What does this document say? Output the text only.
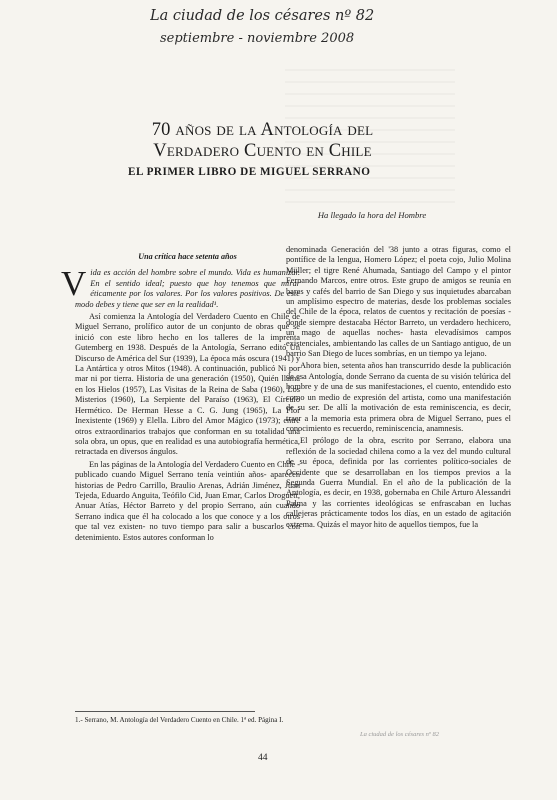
La ciudad de los césares nº 82
septiembre - noviembre 2008
70 años de la Antología del
Verdadero Cuento en Chile
EL PRIMER LIBRO DE MIGUEL SERRANO
Ha llegado la hora del Hombre
Una crítica hace setenta años

Vida es acción del hombre sobre el mundo. Vida es humanizar. En el sentido ideal; puesto que hoy tenemos que mirar éticamente por los valores. Por los valores positivos. De este modo debes y tiene que ser en la realidad¹.

Así comienza la Antología del Verdadero Cuento en Chile de Miguel Serrano, prolífico autor de un conjunto de obras que se inició con este libro hecho en los talleres de la imprenta Gutemberg en 1938. Después de la Antología, Serrano editó Un Discurso de América del Sur (1939), La época más oscura (1941) y La Antártica y otros Mitos (1948). A continuación, publicó Ni por mar ni por tierra. Historia de una generación (1950), Quién llama en los Hielos (1957), Las Visitas de la Reina de Saba (1960), Los Misterios (1960), La Serpiente del Paraíso (1963), El Círculo Hermético. De Herman Hesse a C. G. Jung (1965), La Flor Inexistente (1969) y Elella. Libro del Amor Mágico (1973); entre otros extraordinarios trabajos que conforman en su totalidad una sola obra, un opus, que en realidad es una autobiografía hermética, retractada en diversos ángulos.

En las páginas de la Antología del Verdadero Cuento en Chile -publicado cuando Miguel Serrano tenía veintiún años- aparecen historias de Pedro Carrillo, Braulio Arenas, Adrián Jiménez, Juan Tejeda, Eduardo Anguita, Teófilo Cid, Juan Emar, Carlos Droguett, Anuar Atías, Héctor Barreto y del propio Serrano, aún cuando Serrano indica que él ha colocado a los que conoce y a los otros que tal vez existen- no tuvo tiempo para salir a buscarlos con detenimiento. Estos autores conforman lo

denominada Generación del '38 junto a otras figuras, como el pontífice de la lengua, Homero López; el poeta cojo, Julio Molina Müller; el tigre René Ahumada, Santiago del Campo y el pintor Fernando Marcos, entre otros. Este grupo de amigos se reunía en bares y cafés del barrio de San Diego y sus inquietudes abarcaban un amplísimo espectro de materias, desde los problemas sociales del Chile de la época, relatos de cuentos y recitación de poesías -donde siempre destacaba Héctor Barreto, un verdadero hechicero, un mago de aquellas noches- hasta elevadísimos campos existenciales, ambientando las calles de un Santiago antiguo, de un barrio San Diego de luces sombrías, en un tiempo ya lejano.

Ahora bien, setenta años han transcurrido desde la publicación de esa Antología, donde Serrano da cuenta de su visión telúrica del hombre y de una de sus manifestaciones, el cuento, entendido esto como un medio de expresión del artista, como una manifestación de su ser. De allí la motivación de esta reminiscencia, es decir, traer a la memoria esta primera obra de Miguel Serrano, pues el conocimiento es recuerdo, reminiscencia, anamnesis.

El prólogo de la obra, escrito por Serrano, elabora una reflexión de la sociedad chilena como a la vez del mundo cultural de su época, definida por las corrientes político-sociales de Occidente que se desarrollaban en los tiempos previos a la Segunda Guerra Mundial. En el año de la publicación de la Antología, es decir, en 1938, gobernaba en Chile Arturo Alessandri Palma y las corrientes ideológicas se enfrascaban en luchas callejeras prácticamente todos los días, en un estado de agitación extrema. Quizás el mayor hito de aquellos tiempos, fue la

1.- Serrano, M. Antología del Verdadero Cuento en Chile. 1ª ed. Página I.
La ciudad de los césares nº 82
44
